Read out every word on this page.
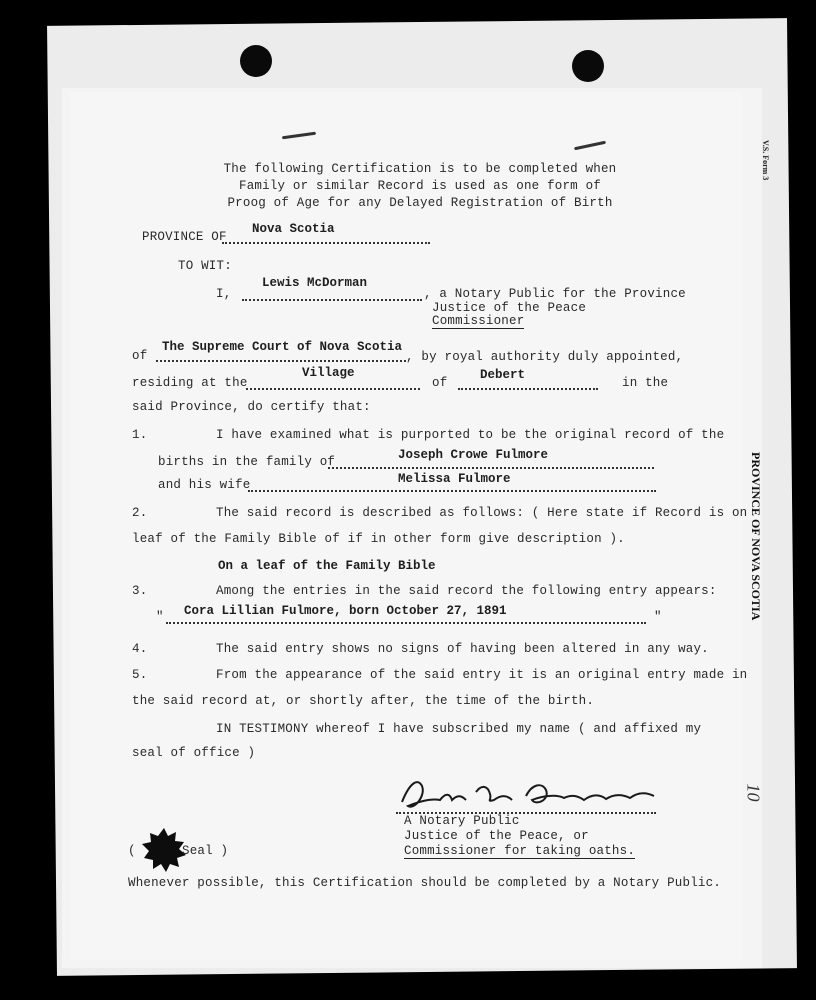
V.S. Form 3
The following Certification is to be completed when
Family or similar Record is used as one form of
Proog of Age for any Delayed Registration of Birth
PROVINCE OF
Nova Scotia
TO WIT:
I,
Lewis McDorman
, a Notary Public for the Province
Justice of the Peace
Commissioner
of
The Supreme Court of Nova Scotia
, by royal authority duly appointed,
residing at the
Village
of
Debert
in the
said Province, do certify that:
1.	I have examined what is purported to be the original record of the
births in the family of	Joseph Crowe Fulmore
and his wife	Melissa Fulmore
2.	The said record is described as follows: ( Here state if Record is on
leaf of the Family Bible of if in other form give description ).
On a leaf of the Family Bible
3.	Among the entries in the said record the following entry appears:
" Cora Lillian Fulmore, born October 27, 1891	"
4.	The said entry shows no signs of having been altered in any way.
5.	From the appearance of the said entry it is an original entry made in
the said record at, or shortly after, the time of the birth.
IN TESTIMONY whereof I have subscribed my name ( and affixed my
seal of office )
A Notary Public
Justice of the Peace, or
Commissioner for taking oaths.
(	Seal )
Whenever possible, this Certification should be completed by a Notary Public.
PROVINCE OF NOVA SCOTIA
10
